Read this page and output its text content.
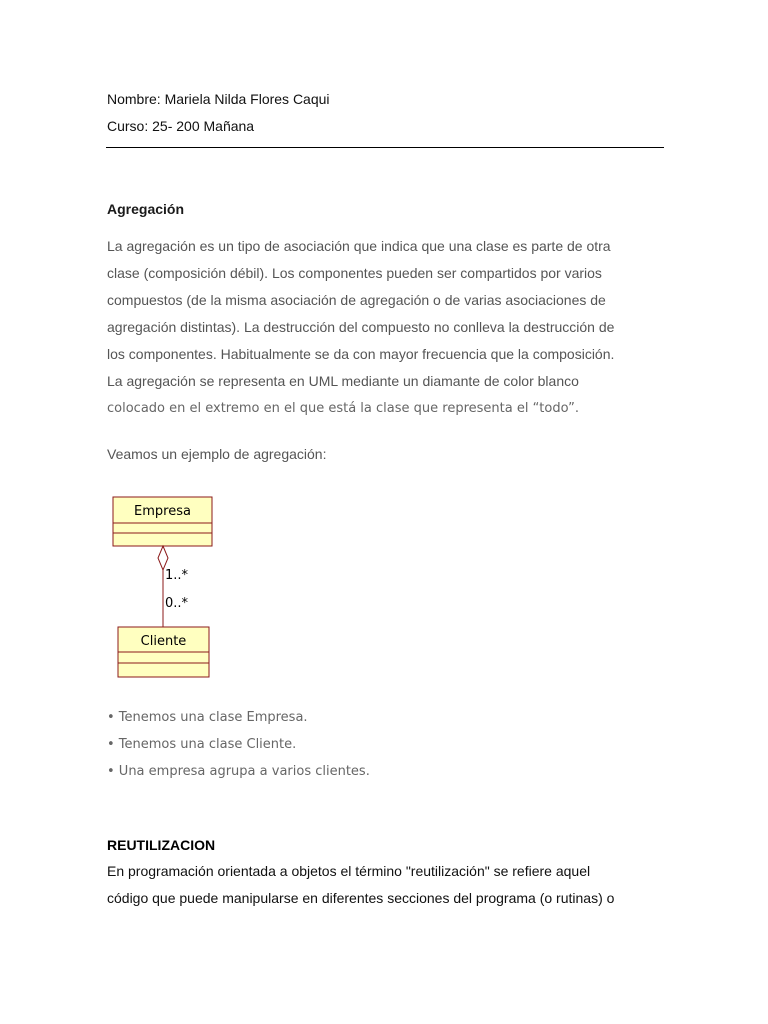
Nombre: Mariela Nilda Flores Caqui
Curso: 25- 200 Mañana
Agregación
La agregación es un tipo de asociación que indica que una clase es parte de otra
clase (composición débil). Los componentes pueden ser compartidos por varios
compuestos (de la misma asociación de agregación o de varias asociaciones de
agregación distintas). La destrucción del compuesto no conlleva la destrucción de
los componentes. Habitualmente se da con mayor frecuencia que la composición.
La agregación se representa en UML mediante un diamante de color blanco
colocado en el extremo en el que está la clase que representa el “todo”.
Veamos un ejemplo de agregación:
Empresa
1..*
0..*
Cliente
• Tenemos una clase Empresa.
• Tenemos una clase Cliente.
• Una empresa agrupa a varios clientes.
REUTILIZACION
En programación orientada a objetos el término "reutilización" se refiere aquel
código que puede manipularse en diferentes secciones del programa (o rutinas) o
